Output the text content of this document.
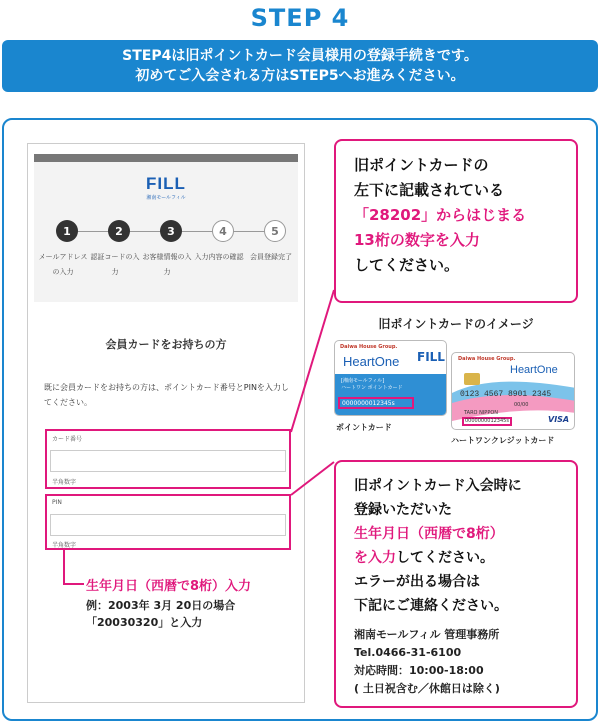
STEP 4
STEP4は旧ポイントカード会員様用の登録手続きです。
初めてご入会される方はSTEP5へお進みください。
FILL
湘南モールフィル
1	2	3	4	5
メールアドレスの入力
認証コードの入力
お客様情報の入力
入力内容の確認 会員登録完了
会員カードをお持ちの方
既に会員カードをお持ちの方は、ポイントカード番号とPINを入力してください。
カード番号
半角数字
PIN
半角数字
旧ポイントカードの
左下に記載されている
「28202」からはじまる
13桁の数字を入力
してください。
旧ポイントカードのイメージ
Daiwa House Group.
HeartOne FILL
[湘南モールフィル]
ハートワン ポイントカード
0000000012345s
ポイントカード
Daiwa House Group.
HeartOne
0123 4567 8901 2345
00/00
TARO NIPPON
0000000012345s	VISA
ハートワンクレジットカード
生年月日（西暦で8桁）入力
例：2003年 3月 20日の場合
「20030320」と入力
旧ポイントカード入会時に
登録いただいた
生年月日（西暦で8桁）
を入力してください。
エラーが出る場合は
下記にご連絡ください。
湘南モールフィル 管理事務所
Tel.0466-31-6100
対応時間：10:00-18:00
( 土日祝含む／休館日は除く)
